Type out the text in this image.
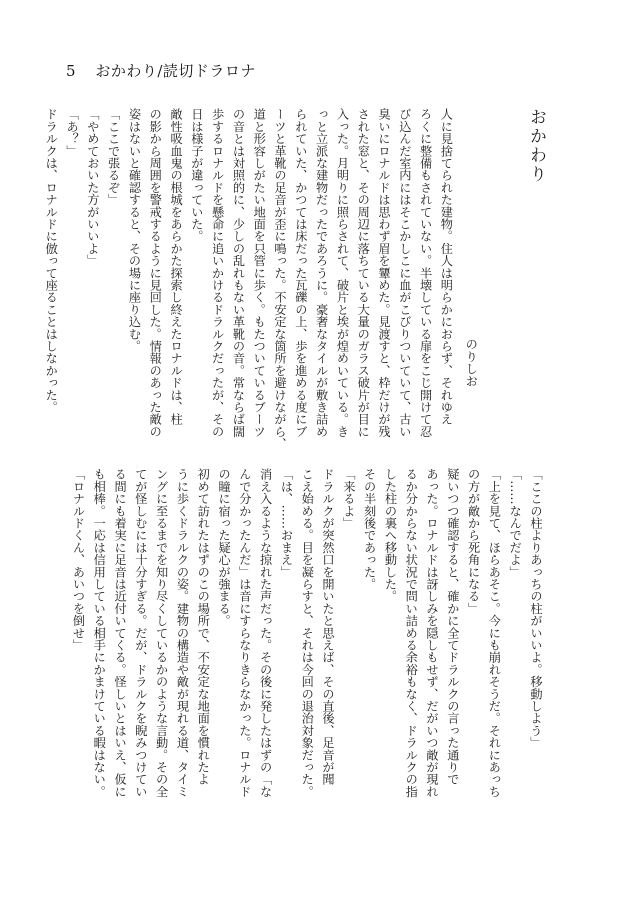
5 おかわり/読切ドラロナ
おかわり
のりしお
人に見捨てられた建物。住人は明らかにおらず、それゆえ
ろくに整備もされていない。半壊している扉をこじ開けて忍
び込んだ室内にはそこかしこに血がこびりついていて、古い
臭いにロナルドは思わず眉を顰めた。見渡すと、枠だけが残
された窓と、その周辺に落ちている大量のガラス破片が目に
入った。月明りに照らされて、破片と埃が煌めいている。き
っと立派な建物だったであろうに。豪奢なタイルが敷き詰め
られていた、かつては床だった瓦礫の上、歩を進める度にブ
ーツと革靴の足音が歪に鳴った。不安定な箇所を避けながら、
道と形容しがたい地面を只管に歩く。もたついているブーツ
の音とは対照的に、少しの乱れもない革靴の音。常ならば闊
歩するロナルドを懸命に追いかけるドラルクだったが、その
日は様子が違っていた。
敵性吸血鬼の根城をあらかた探索し終えたロナルドは、柱
の影から周囲を警戒するように見回した。情報のあった敵の
姿はないと確認すると、その場に座り込む。
「ここで張るぞ」
「やめておいた方がいいよ」
「あ？」
ドラルクは、ロナルドに倣って座ることはしなかった。
「ここの柱よりあっちの柱がいいよ。移動しよう」
「……なんでだよ」
「上を見て、ほらあそこ。今にも崩れそうだ。それにあっち
の方が敵から死角になる」
疑いつつ確認すると、確かに全てドラルクの言った通りで
あった。ロナルドは訝しみを隠しもせず、だがいつ敵が現れ
るか分からない状況で問い詰める余裕もなく、ドラルクの指
した柱の裏へ移動した。
その半刻後であった。
「来るよ」
ドラルクが突然口を開いたと思えば、その直後、足音が聞
こえ始める。目を凝らすと、それは今回の退治対象だった。
「は、……おまえ」
消え入るような掠れた声だった。その後に発したはずの「な
んで分かったんだ」は音にすらなりきらなかった。ロナルド
の瞳に宿った疑心が強まる。
初めて訪れたはずのこの場所で、不安定な地面を慣れたよ
うに歩くドラルクの姿。建物の構造や敵が現れる道、タイミ
ングに至るまでを知り尽くしているかのような言動。その全
てが怪しむには十分すぎる。だが、ドラルクを睨みつけてい
る間にも着実に足音は近付いてくる。怪しいとはいえ、仮に
も相棒。一応は信用している相手にかまけている暇はない。
「ロナルドくん、あいつを倒せ」
